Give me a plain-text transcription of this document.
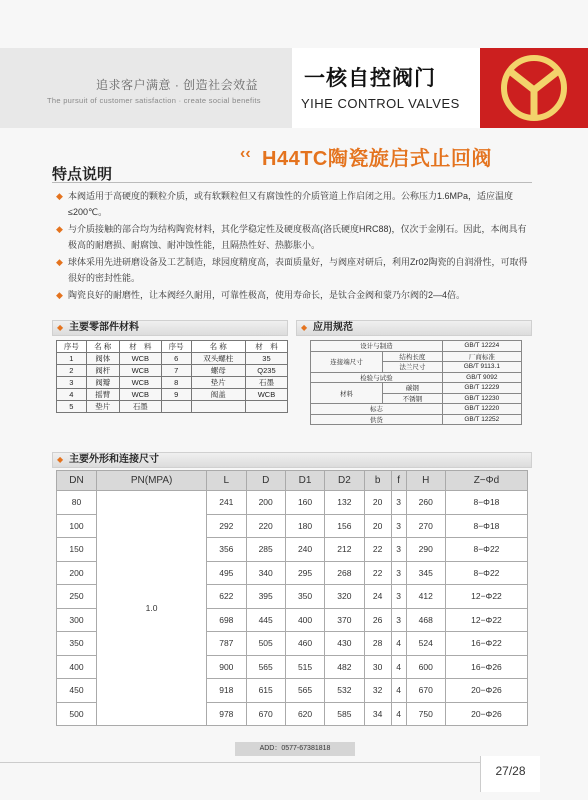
追求客户满意 · 创造社会效益
The pursuit of customer satisfaction · create social benefits
一核自控阀门
YIHE CONTROL VALVES
‹‹ H44TC陶瓷旋启式止回阀
特点说明
◆ 本阀适用于高硬度的颗粒介质，或有软颗粒但又有腐蚀性的介质管道上作启闭之用。公称压力1.6MPa，适应温度≤200℃。
◆ 与介质接触的部合均为结构陶瓷材料，其化学稳定性及硬度极高(洛氏硬度HRC88)，仅次于金刚石。因此，本阀具有极高的耐磨损、耐腐蚀、耐冲蚀性能，且隔热性好、热膨胀小。
◆ 球体采用先进研磨设备及工艺制造，球园度精度高，表面质量好，与阀座对研后，利用Zr02陶瓷的自润滑性，可取得很好的密封性能。
◆ 陶瓷良好的耐磨性，让本阀经久耐用，可靠性极高，使用寿命长，是钛合金阀和蒙乃尔阀的2—4倍。
◆ 主要零部件材料
序号	名 称	材　料	序号	名 称	材　料
1	阀体	WCB	6	双头螺柱	35
2	阀杆	WCB	7	螺母	Q235
3	阀瓣	WCB	8	垫片	石墨
4	摇臂	WCB	9	阀盖	WCB
5	垫片	石墨			
◆ 应用规范
设计与制造		GB/T 12224
连接端尺寸	结构长度	厂商标准
	法兰尺寸	GB/T 9113.1
检验与试验		GB/T 9092
材料	碳钢	GB/T 12229
	不锈钢	GB/T 12230
标志		GB/T 12220
供货		GB/T 12252
◆ 主要外形和连接尺寸
DN	PN(MPA)	L	D	D1	D2	b	f	H	Z−Φd
80	1.0	241	200	160	132	20	3	260	8−Φ18
100		292	220	180	156	20	3	270	8−Φ18
150		356	285	240	212	22	3	290	8−Φ22
200		495	340	295	268	22	3	345	8−Φ22
250		622	395	350	320	24	3	412	12−Φ22
300		698	445	400	370	26	3	468	12−Φ22
350		787	505	460	430	28	4	524	16−Φ22
400		900	565	515	482	30	4	600	16−Φ26
450		918	615	565	532	32	4	670	20−Φ26
500		978	670	620	585	34	4	750	20−Φ26
ADD：0577-67381818
27/28
